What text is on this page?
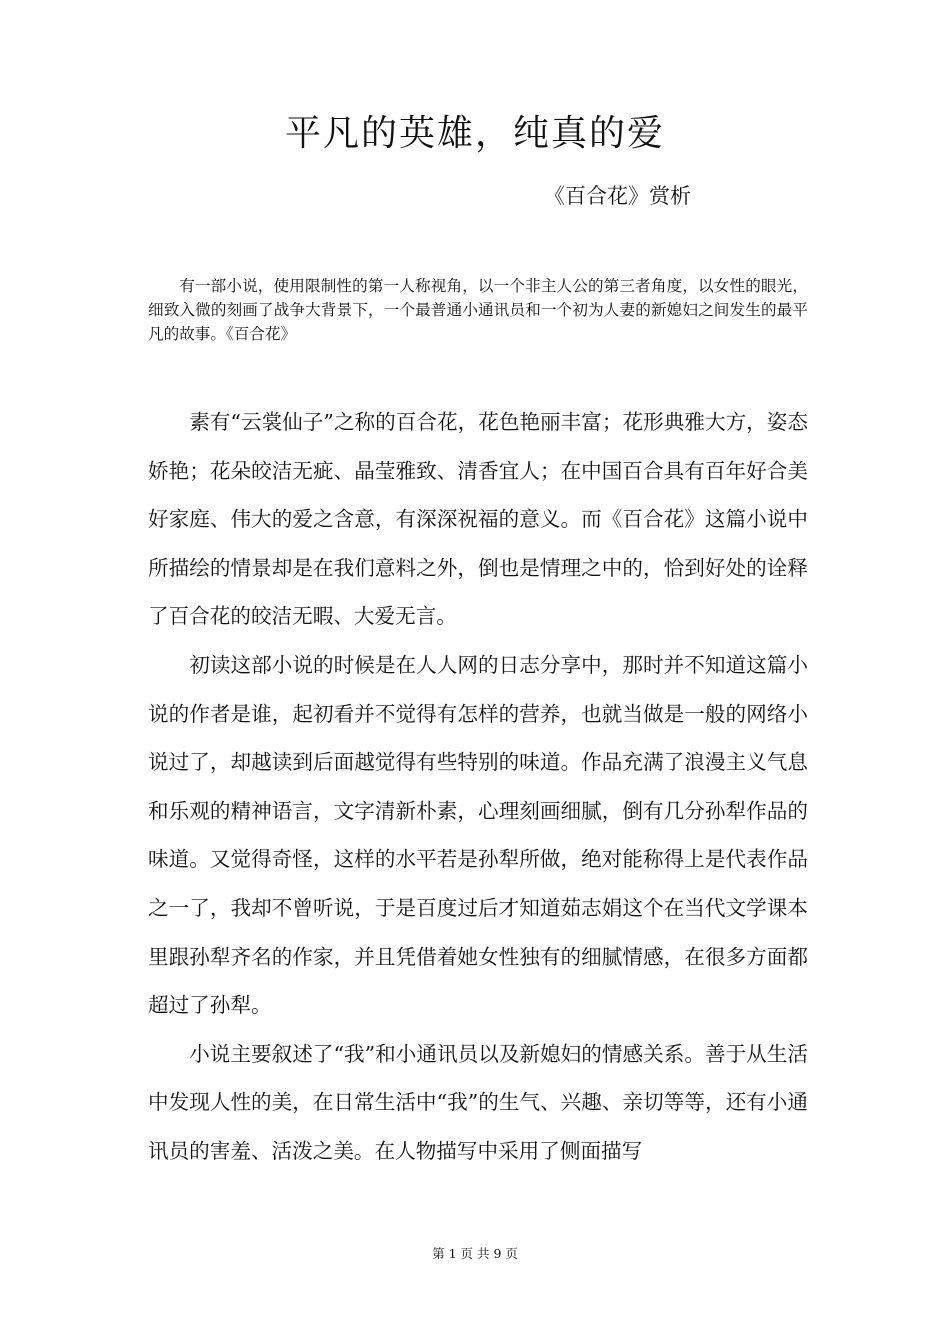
平凡的英雄，纯真的爱
《百合花》赏析

有一部小说，使用限制性的第一人称视角，以一个非主人公的第三者角度，以女性的眼光，细致入微的刻画了战争大背景下，一个最普通小通讯员和一个初为人妻的新媳妇之间发生的最平凡的故事。《百合花》

素有“云裳仙子”之称的百合花，花色艳丽丰富；花形典雅大方，姿态娇艳；花朵皎洁无疵、晶莹雅致、清香宜人；在中国百合具有百年好合美好家庭、伟大的爱之含意，有深深祝福的意义。而《百合花》这篇小说中所描绘的情景却是在我们意料之外，倒也是情理之中的，恰到好处的诠释了百合花的皎洁无暇、大爱无言。

初读这部小说的时候是在人人网的日志分享中，那时并不知道这篇小说的作者是谁，起初看并不觉得有怎样的营养，也就当做是一般的网络小说过了，却越读到后面越觉得有些特别的味道。作品充满了浪漫主义气息和乐观的精神语言，文字清新朴素，心理刻画细腻，倒有几分孙犁作品的味道。又觉得奇怪，这样的水平若是孙犁所做，绝对能称得上是代表作品之一了，我却不曾听说，于是百度过后才知道茹志娟这个在当代文学课本里跟孙犁齐名的作家，并且凭借着她女性独有的细腻情感，在很多方面都超过了孙犁。

小说主要叙述了“我”和小通讯员以及新媳妇的情感关系。善于从生活中发现人性的美，在日常生活中“我”的生气、兴趣、亲切等等，还有小通讯员的害羞、活泼之美。在人物描写中采用了侧面描写

第 1 页 共 9 页
